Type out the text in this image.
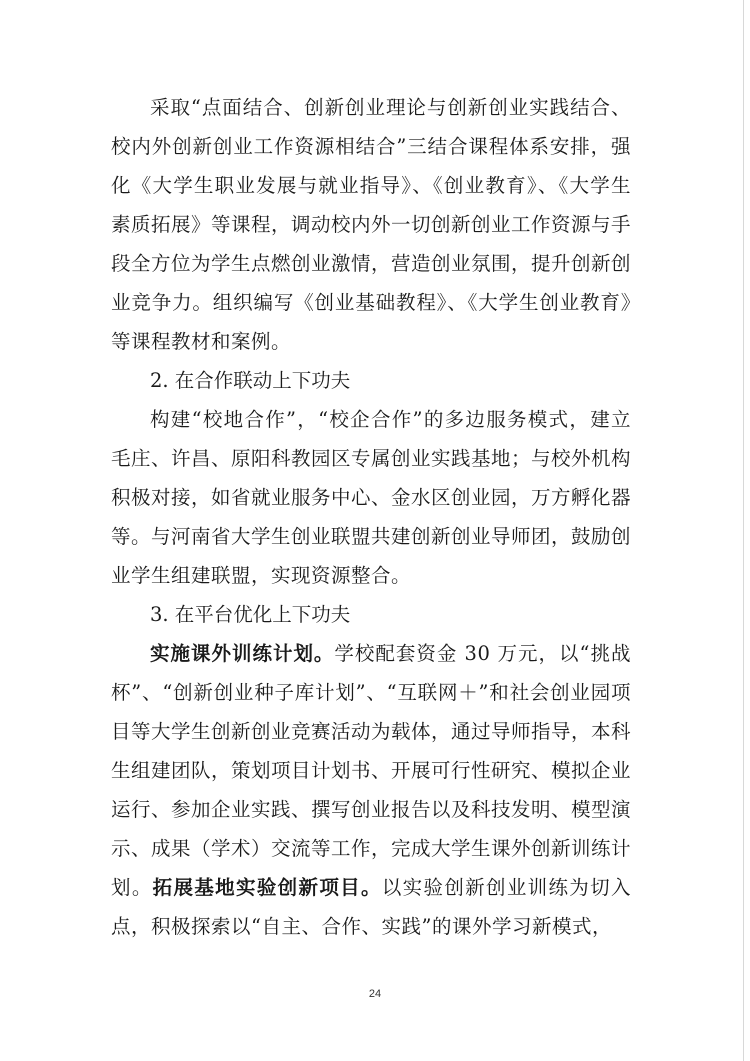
采取“点面结合、创新创业理论与创新创业实践结合、校内外创新创业工作资源相结合”三结合课程体系安排，强化《大学生职业发展与就业指导》、《创业教育》、《大学生素质拓展》等课程，调动校内外一切创新创业工作资源与手段全方位为学生点燃创业激情，营造创业氛围，提升创新创业竞争力。组织编写《创业基础教程》、《大学生创业教育》等课程教材和案例。

2. 在合作联动上下功夫

构建“校地合作”，“校企合作”的多边服务模式，建立毛庄、许昌、原阳科教园区专属创业实践基地；与校外机构积极对接，如省就业服务中心、金水区创业园，万方孵化器等。与河南省大学生创业联盟共建创新创业导师团，鼓励创业学生组建联盟，实现资源整合。

3. 在平台优化上下功夫

实施课外训练计划。学校配套资金 30 万元，以“挑战杯”、“创新创业种子库计划”、“互联网＋”和社会创业园项目等大学生创新创业竞赛活动为载体，通过导师指导，本科生组建团队，策划项目计划书、开展可行性研究、模拟企业运行、参加企业实践、撰写创业报告以及科技发明、模型演示、成果（学术）交流等工作，完成大学生课外创新训练计划。拓展基地实验创新项目。以实验创新创业训练为切入点，积极探索以“自主、合作、实践”的课外学习新模式，

24
